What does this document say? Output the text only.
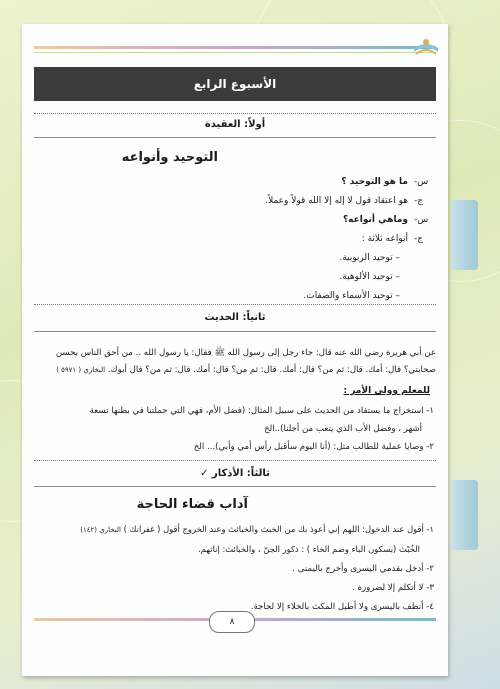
الأسبوع الرابع
أولاً: العقيدة
التوحيد وأنواعه
س-
ما هو التوحيد ؟
ج-
هو اعتقاد قول لا إله إلا الله قولاً وعملاً.
س-
وماهي أنواعه؟
ج-
أنواعه ثلاثة :
– توحيد الربوبية.
– توحيد الألوهية.
– توحيد الأسماء والصفات.
ثانياً: الحديث
عن أبي هريرة رضي الله عنه قال: جاء رجل إلى رسول الله ﷺ فقال: يا رسول الله .. من أحق الناس بحسن
صحابتي؟ قال: أمك. قال: ثم من؟ قال: أمك. قال: ثم من؟ قال: أمك. قال: ثم من؟ قال أبوك. البخاري ( ٥٩٧١ )
للمعلم وولي الأمر :
١- استخراج ما يستفاد من الحديث على سبيل المثال: (فضل الأم، فهي التي حملتنا في بطنها تسعة
أشهر ، وفضل الأب الذي يتعب من أجلنا)..الخ
٢- وصايا عملية للطالب مثل: (أنا اليوم سأقبل رأس أمي وأبي)... الخ
ثالثاً: الأذكار ✓
آداب قضاء الحاجة
١- أقول عند الدخول: اللهم إني أعوذ بك من الخبث والخبائث وعند الخروج أقول ( غفرانك ) البخاري (١٤٢)
الخُبْث (بسكون الباء وضم الخاء ) : ذكور الجنّ ، والخبائث: إناثهم.
٢- أدخل بقدمي اليسرى وأخرج باليمنى .
٣- لا أتكلم إلا لضرورة .
٤- أنظف باليسرى ولا أطيل المكث بالخلاء إلا لحاجة.
٨
